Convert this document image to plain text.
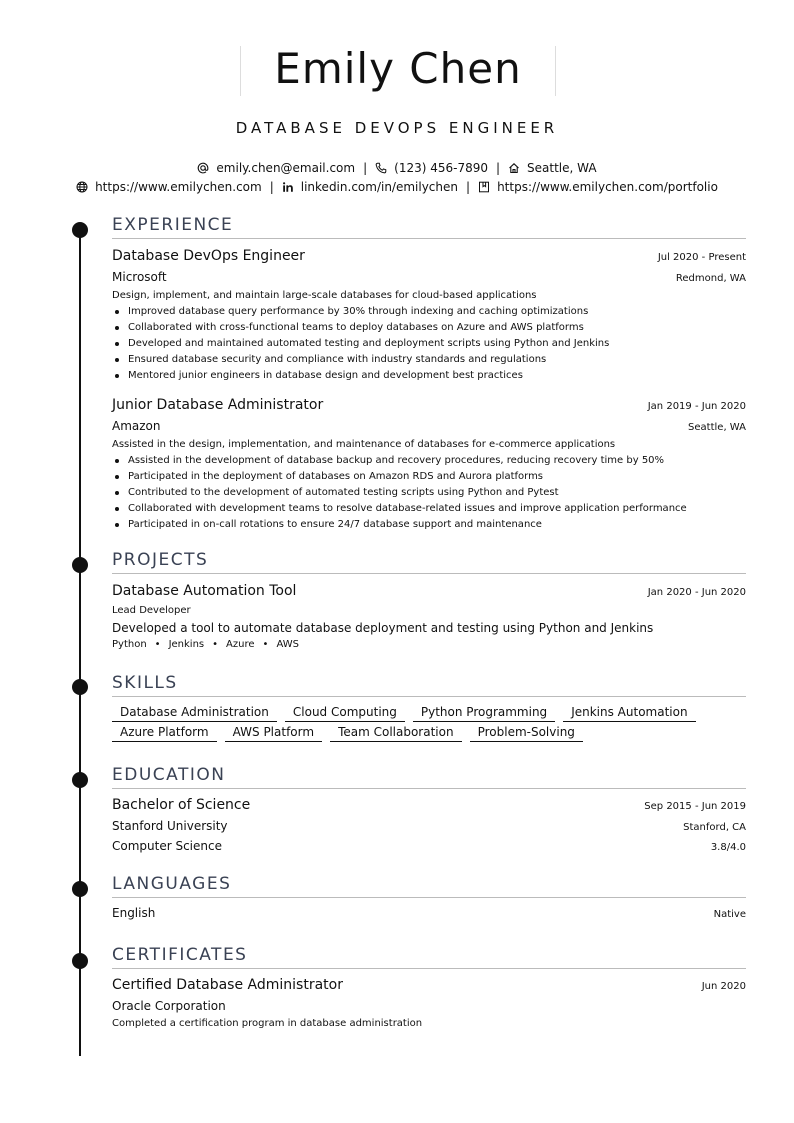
Emily Chen
DATABASE DEVOPS ENGINEER
emily.chen@email.com | (123) 456-7890 | Seattle, WA
https://www.emilychen.com | linkedin.com/in/emilychen | https://www.emilychen.com/portfolio
EXPERIENCE
Database DevOps Engineer	Jul 2020 - Present
Microsoft	Redmond, WA
Design, implement, and maintain large-scale databases for cloud-based applications
Improved database query performance by 30% through indexing and caching optimizations
Collaborated with cross-functional teams to deploy databases on Azure and AWS platforms
Developed and maintained automated testing and deployment scripts using Python and Jenkins
Ensured database security and compliance with industry standards and regulations
Mentored junior engineers in database design and development best practices
Junior Database Administrator	Jan 2019 - Jun 2020
Amazon	Seattle, WA
Assisted in the design, implementation, and maintenance of databases for e-commerce applications
Assisted in the development of database backup and recovery procedures, reducing recovery time by 50%
Participated in the deployment of databases on Amazon RDS and Aurora platforms
Contributed to the development of automated testing scripts using Python and Pytest
Collaborated with development teams to resolve database-related issues and improve application performance
Participated in on-call rotations to ensure 24/7 database support and maintenance
PROJECTS
Database Automation Tool	Jan 2020 - Jun 2020
Lead Developer
Developed a tool to automate database deployment and testing using Python and Jenkins
Python • Jenkins • Azure • AWS
SKILLS
Database Administration	Cloud Computing	Python Programming	Jenkins Automation
Azure Platform	AWS Platform	Team Collaboration	Problem-Solving
EDUCATION
Bachelor of Science	Sep 2015 - Jun 2019
Stanford University	Stanford, CA
Computer Science	3.8/4.0
LANGUAGES
English	Native
CERTIFICATES
Certified Database Administrator	Jun 2020
Oracle Corporation
Completed a certification program in database administration
